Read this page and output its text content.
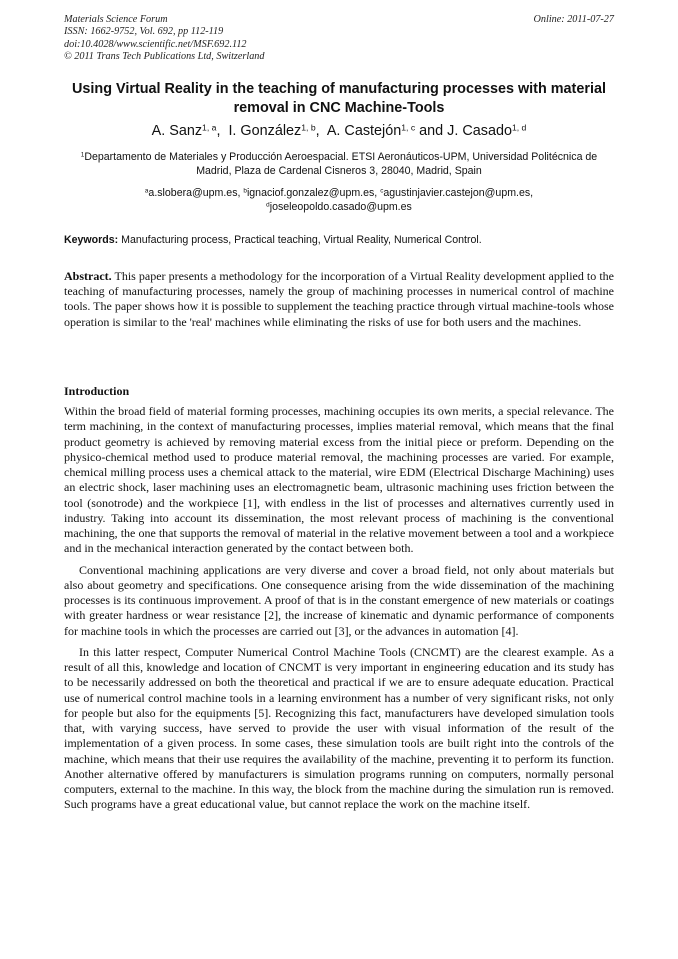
Materials Science Forum
ISSN: 1662-9752, Vol. 692, pp 112-119
doi:10.4028/www.scientific.net/MSF.692.112
© 2011 Trans Tech Publications Ltd, Switzerland
Online: 2011-07-27
Using Virtual Reality in the teaching of manufacturing processes with material removal in CNC Machine-Tools
A. Sanz$^{1, a}$,  I. González$^{1, b}$,  A. Castejón$^{1, c}$ and J. Casado$^{1, d}$
$^1$Departamento de Materiales y Producción Aeroespacial. ETSI Aeronáuticos-UPM, Universidad Politécnica de Madrid, Plaza de Cardenal Cisneros 3, 28040, Madrid, Spain
$^a$a.slobera@upm.es, $^b$ignaciof.gonzalez@upm.es, $^c$agustinjavier.castejon@upm.es,
$^d$joseleopoldo.casado@upm.es
Keywords: Manufacturing process, Practical teaching, Virtual Reality, Numerical Control.
Abstract. This paper presents a methodology for the incorporation of a Virtual Reality development applied to the teaching of manufacturing processes, namely the group of machining processes in numerical control of machine tools. The paper shows how it is possible to supplement the teaching practice through virtual machine-tools whose operation is similar to the 'real' machines while eliminating the risks of use for both users and the machines.
Introduction

Within the broad field of material forming processes, machining occupies its own merits, a special relevance. The term machining, in the context of manufacturing processes, implies material removal, which means that the final product geometry is achieved by removing material excess from the initial piece or preform. Depending on the physico-chemical method used to produce material removal, the machining processes are varied. For example, chemical milling process uses a chemical attack to the material, wire EDM (Electrical Discharge Machining) uses an electric shock, laser machining uses an electromagnetic beam, ultrasonic machining uses friction between the tool (sonotrode) and the workpiece [1], with endless in the list of processes and alternatives currently used in industry. Taking into account its dissemination, the most relevant process of machining is the conventional machining, the one that supports the removal of material in the relative movement between a tool and a workpiece and in the mechanical interaction generated by the contact between both.

Conventional machining applications are very diverse and cover a broad field, not only about materials but also about geometry and specifications. One consequence arising from the wide dissemination of the machining processes is its continuous improvement. A proof of that is in the constant emergence of new materials or coatings with greater hardness or wear resistance [2], the increase of kinematic and dynamic performance of components for machine tools in which the processes are carried out [3], or the advances in automation [4].

In this latter respect, Computer Numerical Control Machine Tools (CNCMT) are the clearest example. As a result of all this, knowledge and location of CNCMT is very important in engineering education and its study has to be necessarily addressed on both the theoretical and practical if we are to ensure adequate education. Practical use of numerical control machine tools in a learning environment has a number of very significant risks, not only for people but also for the equipments [5]. Recognizing this fact, manufacturers have developed simulation tools that, with varying success, have served to provide the user with visual information of the result of the implementation of a given process. In some cases, these simulation tools are built right into the controls of the machine, which means that their use requires the availability of the machine, preventing it to perform its function. Another alternative offered by manufacturers is simulation programs running on computers, normally personal computers, external to the machine. In this way, the block from the machine during the simulation run is removed. Such programs have a great educational value, but cannot replace the work on the machine itself.
